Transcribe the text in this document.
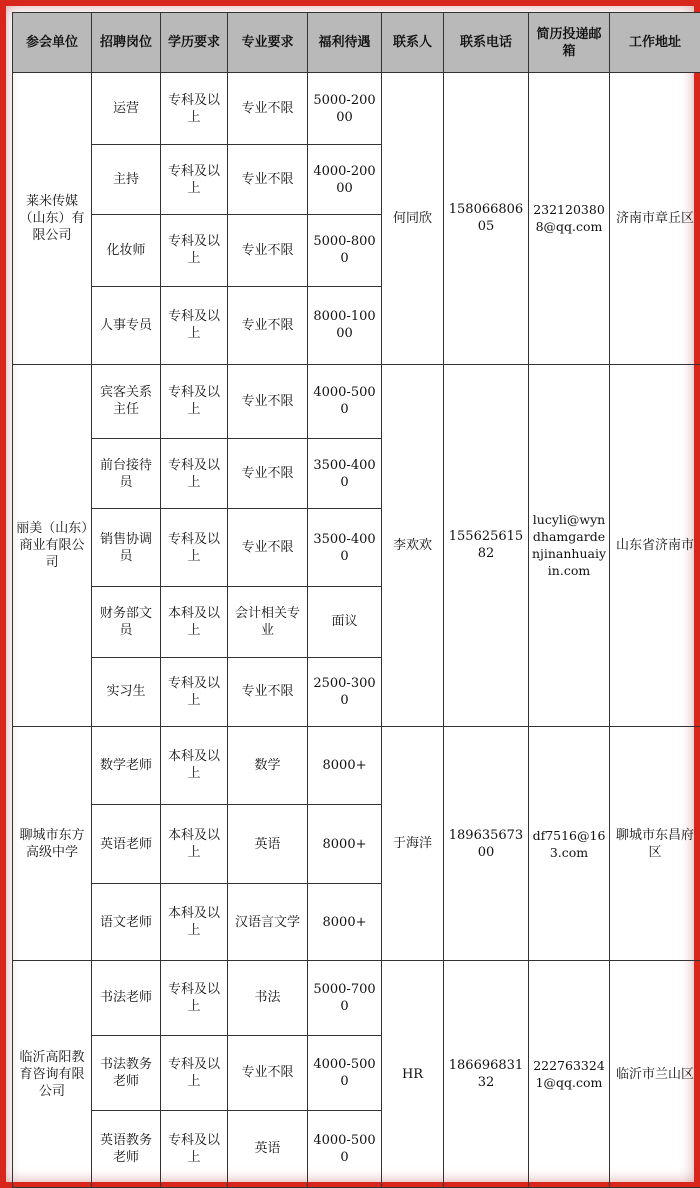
参会单位	招聘岗位	学历要求	专业要求	福利待遇	联系人	联系电话	简历投递邮箱	工作地址
莱米传媒（山东）有限公司	运营	专科及以上	专业不限	5000-20000	何同欣	15806680605	2321203808@qq.com	济南市章丘区
	主持	专科及以上	专业不限	4000-20000				
	化妆师	专科及以上	专业不限	5000-8000				
	人事专员	专科及以上	专业不限	8000-10000				
丽美（山东）商业有限公司	宾客关系主任	专科及以上	专业不限	4000-5000	李欢欢	15562561582	lucyli@wyndhamgardenjinanhuaiyin.com	山东省济南市
	前台接待员	专科及以上	专业不限	3500-4000				
	销售协调员	专科及以上	专业不限	3500-4000				
	财务部文员	本科及以上	会计相关专业	面议				
	实习生	专科及以上	专业不限	2500-3000				
聊城市东方高级中学	数学老师	本科及以上	数学	8000+	于海洋	18963567300	df7516@163.com	聊城市东昌府区
	英语老师	本科及以上	英语	8000+				
	语文老师	本科及以上	汉语言文学	8000+				
临沂高阳教育咨询有限公司	书法老师	专科及以上	书法	5000-7000	HR	18669683132	2227633241@qq.com	临沂市兰山区
	书法教务老师	专科及以上	专业不限	4000-5000				
	英语教务老师	专科及以上	英语	4000-5000				
